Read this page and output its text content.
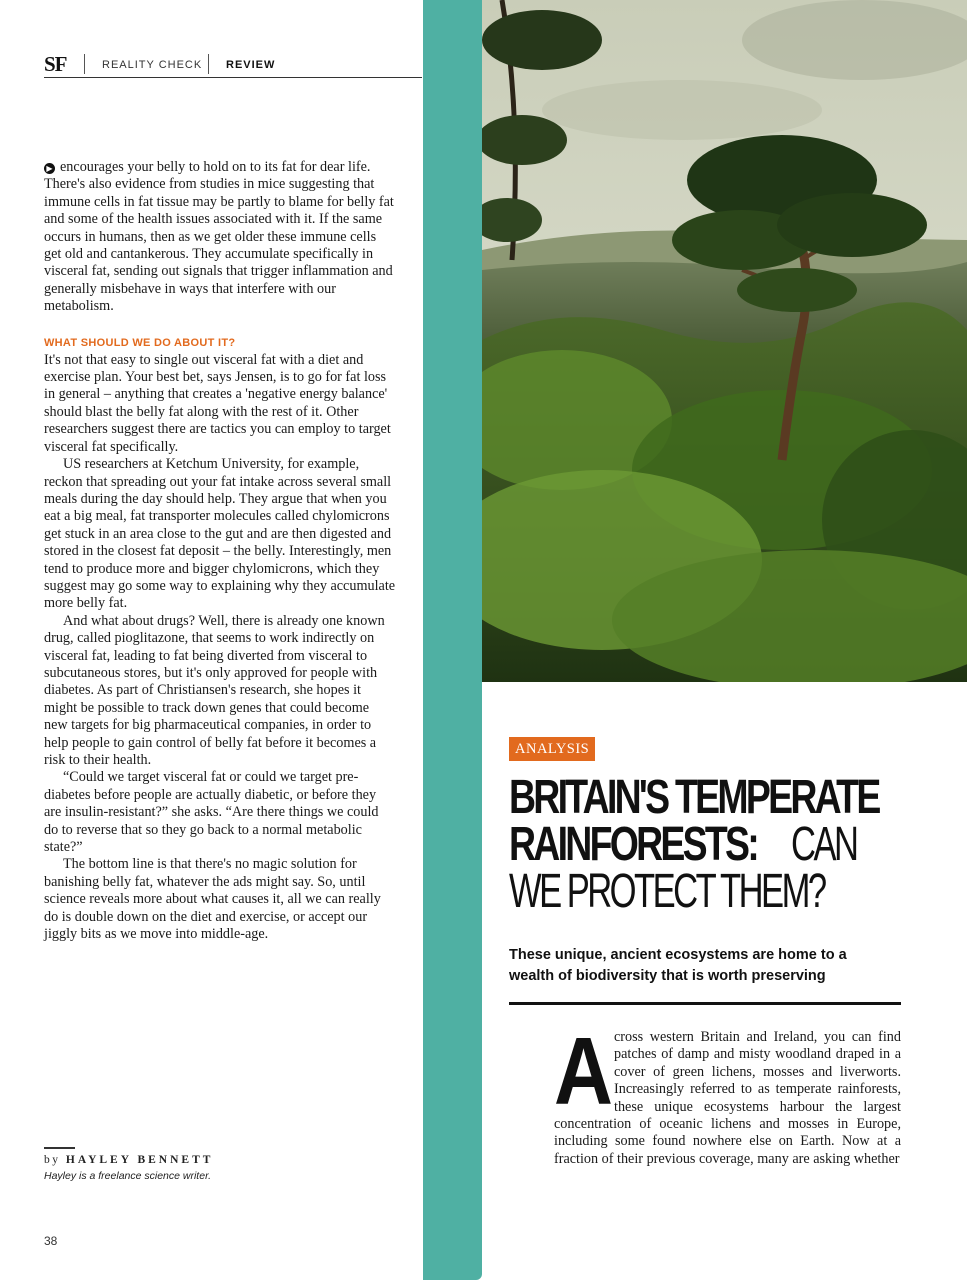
SF	REALITY CHECK REVIEW

▶ encourages your belly to hold on to its fat for dear life. There's also evidence from studies in mice suggesting that immune cells in fat tissue may be partly to blame for belly fat and some of the health issues associated with it. If the same occurs in humans, then as we get older these immune cells get old and cantankerous. They accumulate specifically in visceral fat, sending out signals that trigger inflammation and generally misbehave in ways that interfere with our metabolism.

WHAT SHOULD WE DO ABOUT IT?

It's not that easy to single out visceral fat with a diet and exercise plan. Your best bet, says Jensen, is to go for fat loss in general – anything that creates a 'negative energy balance' should blast the belly fat along with the rest of it. Other researchers suggest there are tactics you can employ to target visceral fat specifically.

US researchers at Ketchum University, for example, reckon that spreading out your fat intake across several small meals during the day should help. They argue that when you eat a big meal, fat transporter molecules called chylomicrons get stuck in an area close to the gut and are then digested and stored in the closest fat deposit – the belly. Interestingly, men tend to produce more and bigger chylomicrons, which they suggest may go some way to explaining why they accumulate more belly fat.

And what about drugs? Well, there is already one known drug, called pioglitazone, that seems to work indirectly on visceral fat, leading to fat being diverted from visceral to subcutaneous stores, but it's only approved for people with diabetes. As part of Christiansen's research, she hopes it might be possible to track down genes that could become new targets for big pharmaceutical companies, in order to help people to gain control of belly fat before it becomes a risk to their health.

“Could we target visceral fat or could we target pre-diabetes before people are actually diabetic, or before they are insulin-resistant?” she asks. “Are there things we could do to reverse that so they go back to a normal metabolic state?”

The bottom line is that there's no magic solution for banishing belly fat, whatever the ads might say. So, until science reveals more about what causes it, all we can really do is double down on the diet and exercise, or accept our jiggly bits as we move into middle-age.

by HAYLEY BENNETT
Hayley is a freelance science writer.
38
ANALYSIS
BRITAIN'S TEMPERATE
RAINFORESTS:CAN
WE PROTECT THEM?
These unique, ancient ecosystems are home to a wealth of biodiversity that is worth preserving
A cross western Britain and Ireland, you can find patches of damp and misty woodland draped in a cover of green lichens, mosses and liverworts. Increasingly referred to as temperate rainforests, these unique ecosystems harbour the largest concentration of oceanic lichens and mosses in Europe, including some found nowhere else on Earth. Now at a fraction of their previous coverage, many are asking whether
